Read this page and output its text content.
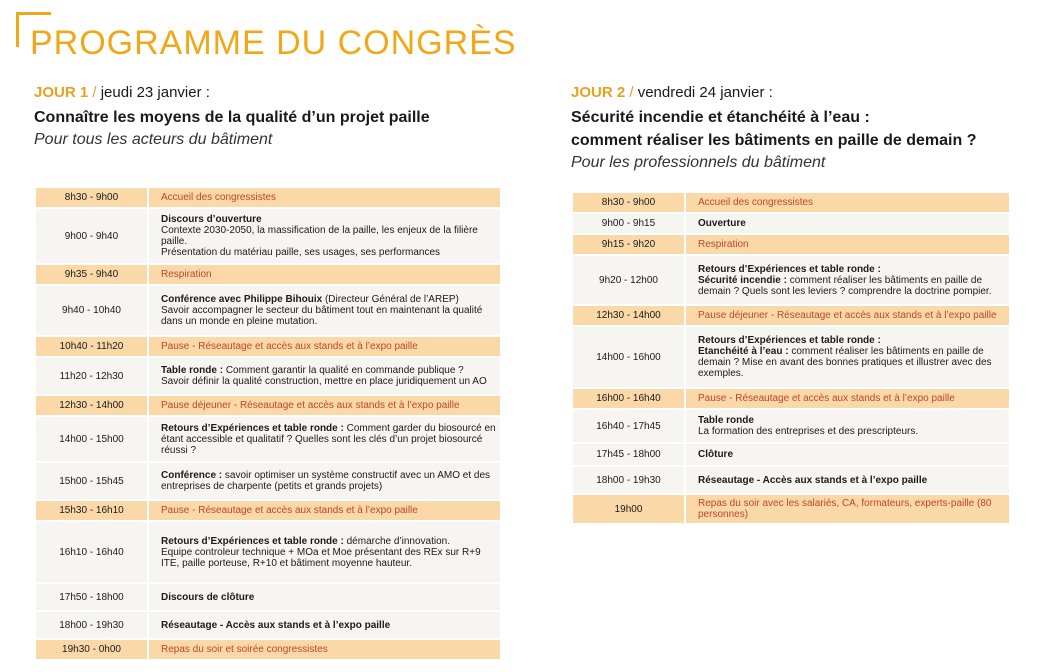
PROGRAMME DU CONGRÈS
JOUR 1 / jeudi 23 janvier :
Connaître les moyens de la qualité d’un projet paille
Pour tous les acteurs du bâtiment
8h30 - 9h00	Accueil des congressistes
9h00 - 9h40	Discours d’ouverture
Contexte 2030-2050, la massification de la paille, les enjeux de la filière paille.
Présentation du matériau paille, ses usages, ses performances
9h35 - 9h40	Respiration
9h40 - 10h40	Conférence avec Philippe Bihouix (Directeur Général de l’AREP)
Savoir accompagner le secteur du bâtiment tout en maintenant la qualité dans un monde en pleine mutation.
10h40 - 11h20	Pause - Réseautage et accès aux stands et à l’expo paille
11h20 - 12h30	Table ronde : Comment garantir la qualité en commande publique ?
Savoir définir la qualité construction, mettre en place juridiquement un AO
12h30 - 14h00	Pause déjeuner - Réseautage et accès aux stands et à l’expo paille
14h00 - 15h00	Retours d’Expériences et table ronde : Comment garder du biosourcé en étant accessible et qualitatif ? Quelles sont les clés d’un projet biosourcé réussi ?
15h00 - 15h45	Conférence : savoir optimiser un système constructif avec un AMO et des entreprises de charpente (petits et grands projets)
15h30 - 16h10	Pause - Réseautage et accès aux stands et à l’expo paille
16h10 - 16h40	Retours d’Expériences et table ronde : démarche d’innovation.
Equipe controleur technique + MOa et Moe présentant des REx sur R+9 ITE, paille porteuse, R+10 et bâtiment moyenne hauteur.
17h50 - 18h00	Discours de clôture
18h00 - 19h30	Réseautage - Accès aux stands et à l’expo paille
19h30 - 0h00	Repas du soir et soirée congressistes
JOUR 2 / vendredi 24 janvier :
Sécurité incendie et étanchéité à l’eau :
comment réaliser les bâtiments en paille de demain ?
Pour les professionnels du bâtiment
8h30 - 9h00	Accueil des congressistes
9h00 - 9h15	Ouverture
9h15 - 9h20	Respiration
9h20 - 12h00	Retours d’Expériences et table ronde :
Sécurité incendie : comment réaliser les bâtiments en paille de demain ? Quels sont les leviers ? comprendre la doctrine pompier.
12h30 - 14h00	Pause déjeuner - Réseautage et accès aux stands et à l’expo paille
14h00 - 16h00	Retours d’Expériences et table ronde :
Etanchéité à l’eau : comment réaliser les bâtiments en paille de demain ? Mise en avant des bonnes pratiques et illustrer avec des exemples.
16h00 - 16h40	Pause - Réseautage et accès aux stands et à l’expo paille
16h40 - 17h45	Table ronde
La formation des entreprises et des prescripteurs.
17h45 - 18h00	Clôture
18h00 - 19h30	Réseautage - Accès aux stands et à l’expo paille
19h00	Repas du soir avec les salariés, CA, formateurs, experts-paille (80 personnes)
